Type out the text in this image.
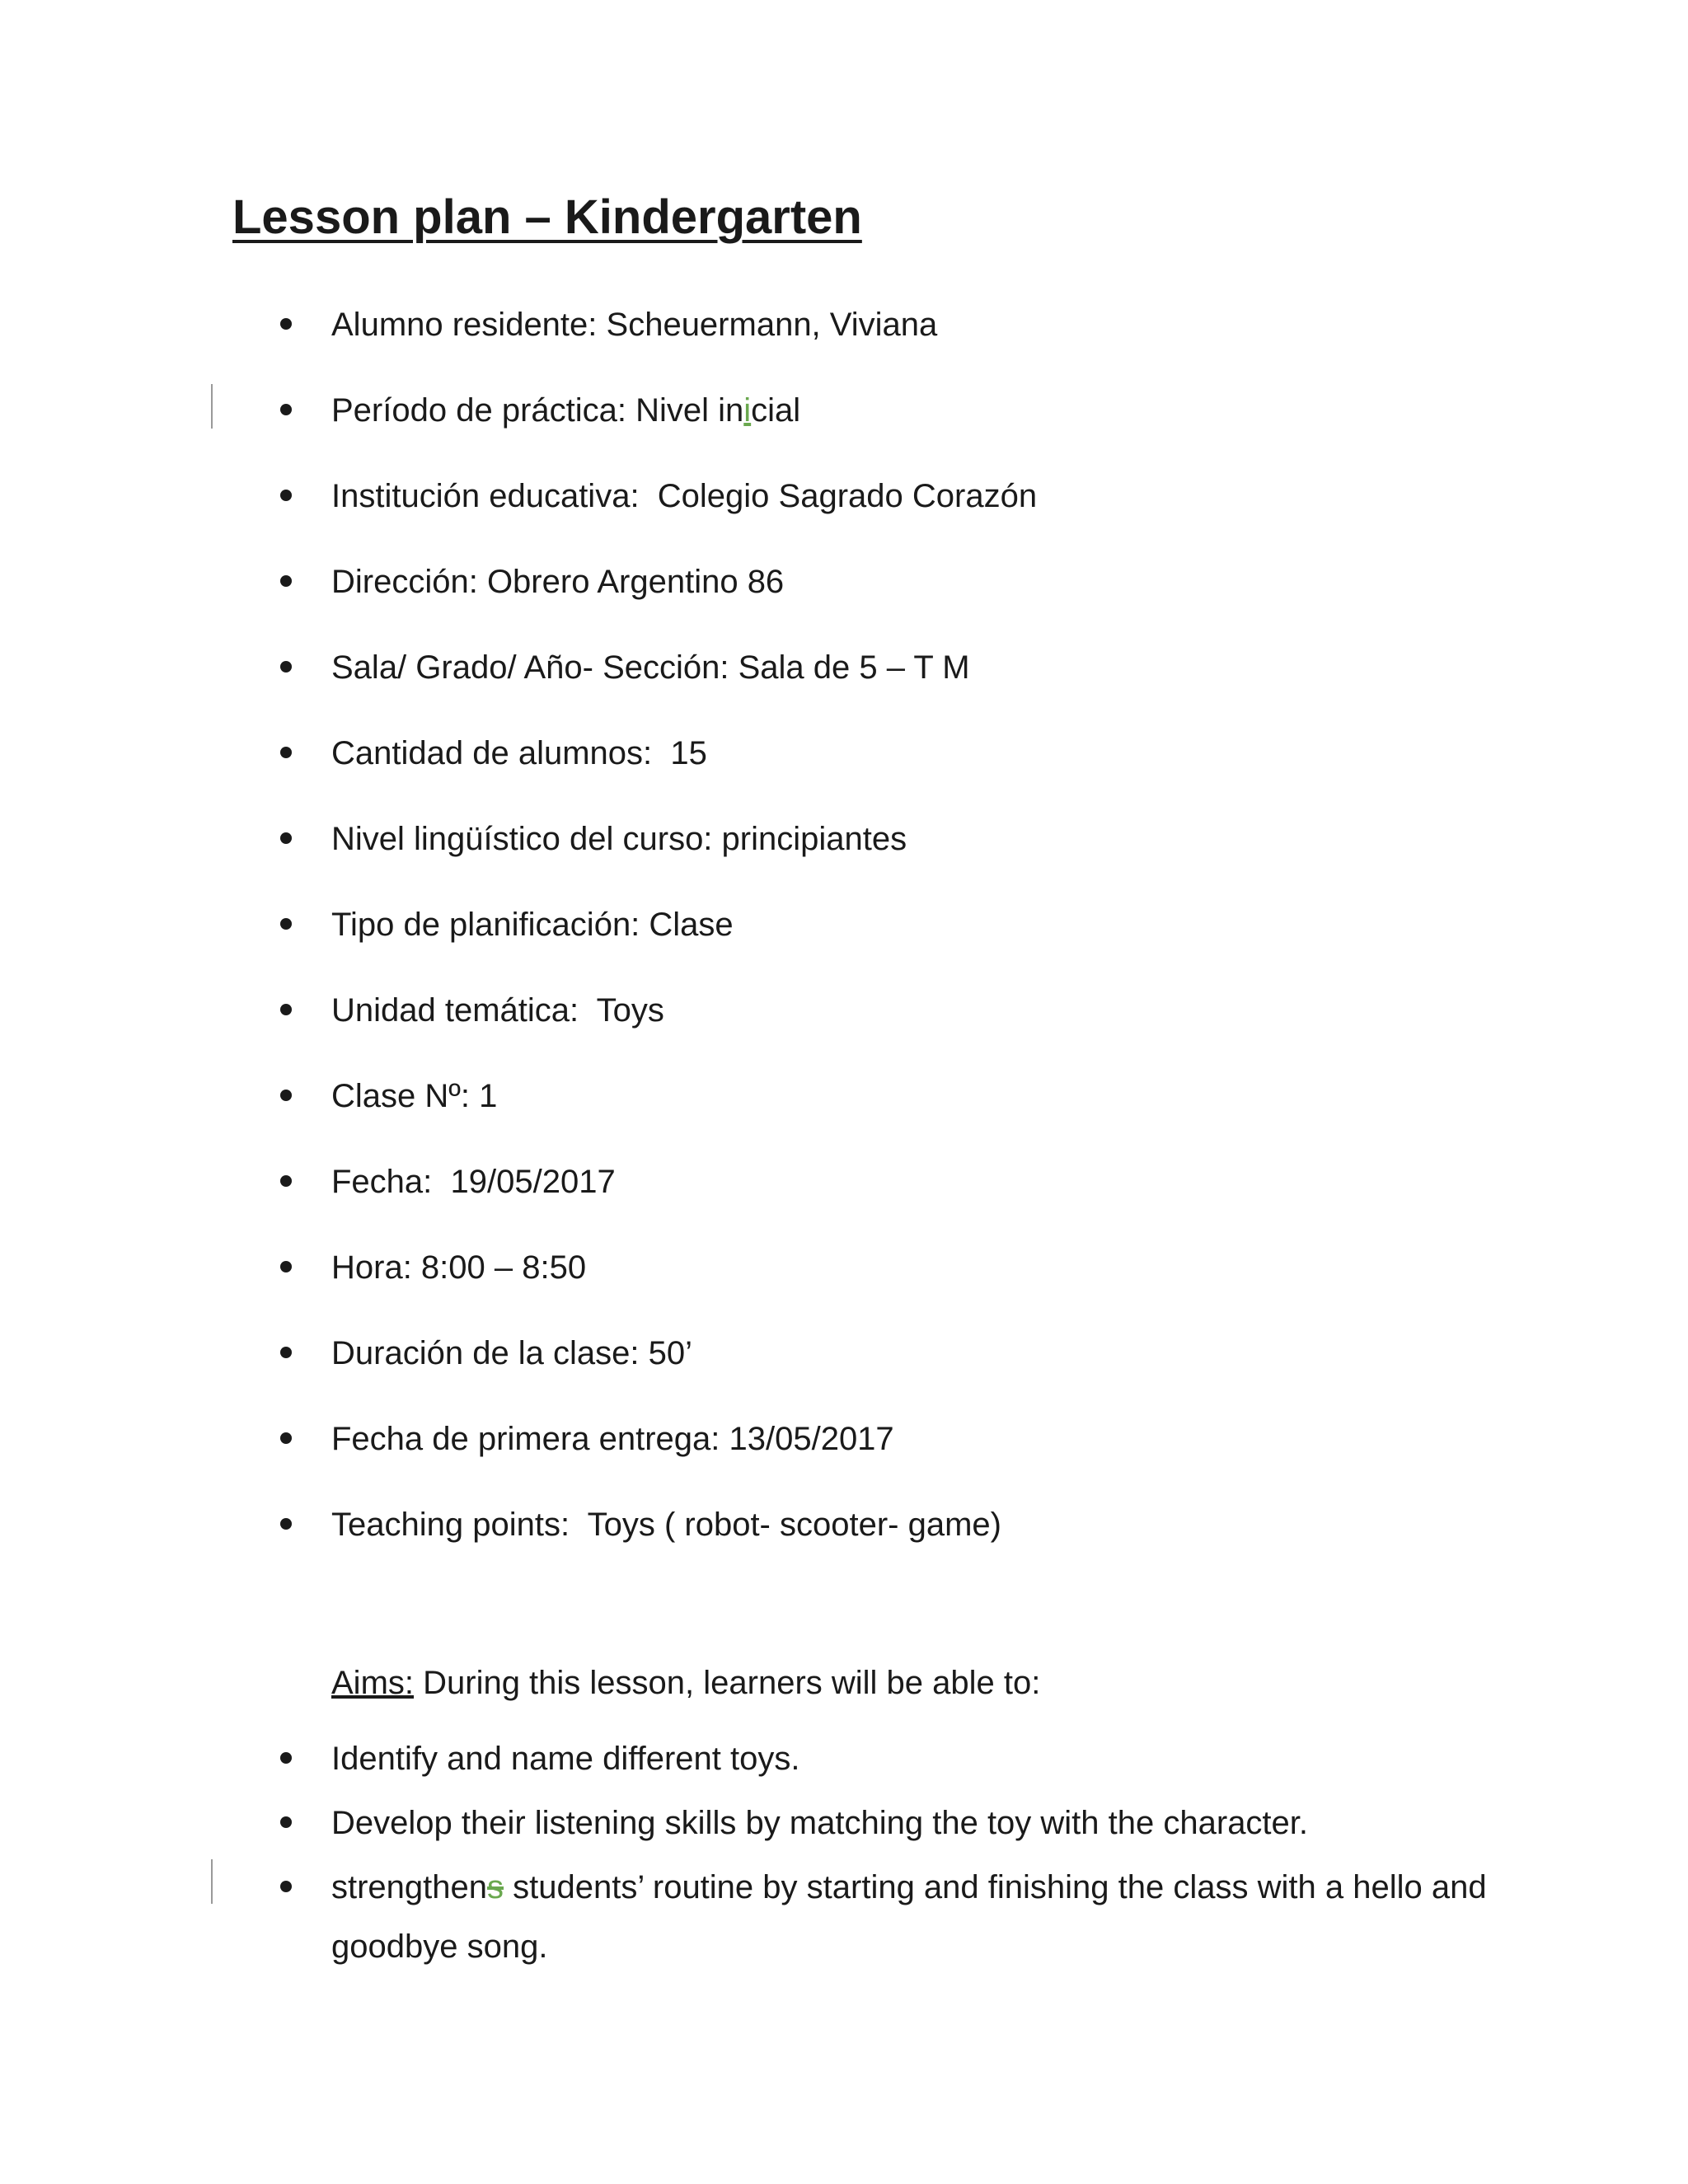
Lesson plan – Kindergarten
Alumno residente: Scheuermann, Viviana
Período de práctica: Nivel inicial
Institución educativa:  Colegio Sagrado Corazón
Dirección: Obrero Argentino 86
Sala/ Grado/ Año- Sección: Sala de 5 – T M
Cantidad de alumnos:  15
Nivel lingüístico del curso: principiantes
Tipo de planificación: Clase
Unidad temática:  Toys
Clase Nº: 1
Fecha:  19/05/2017
Hora: 8:00 – 8:50
Duración de la clase: 50’
Fecha de primera entrega: 13/05/2017
Teaching points:  Toys ( robot- scooter- game)
Aims: During this lesson, learners will be able to:
Identify and name different toys.
Develop their listening skills by matching the toy with the character.
strengthens students’ routine by starting and finishing the class with a hello and goodbye song.
